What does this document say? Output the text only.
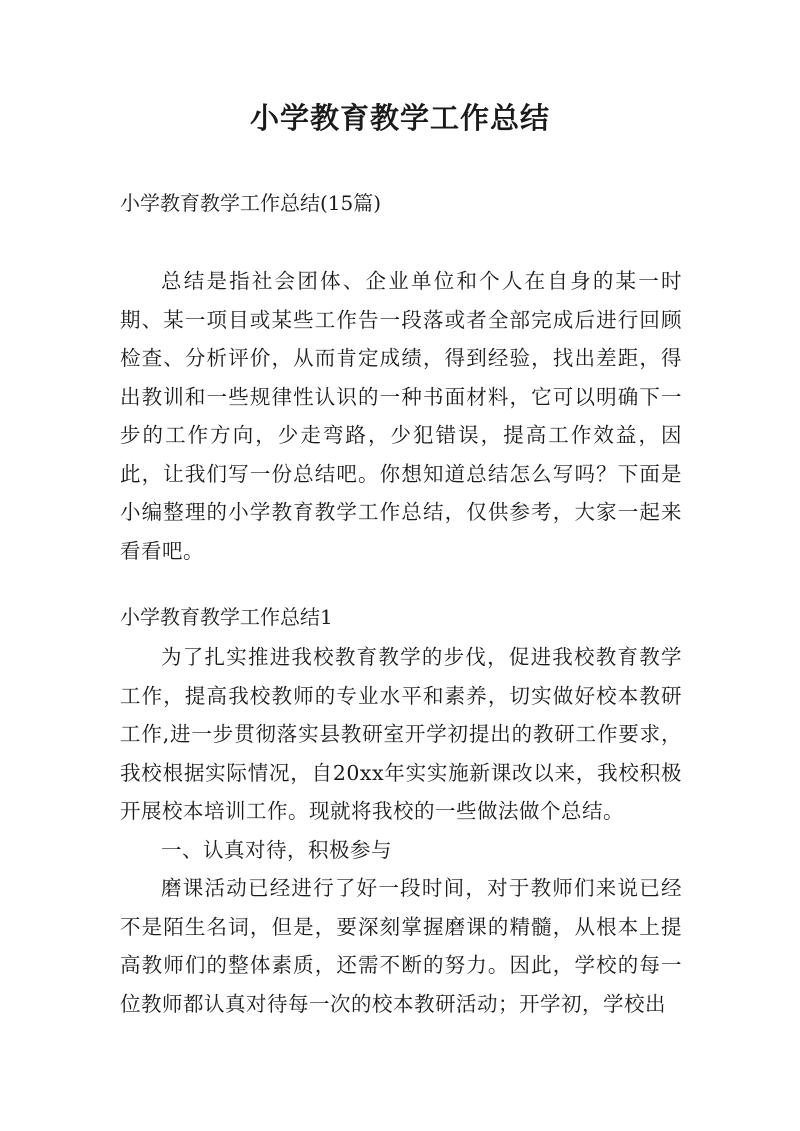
小学教育教学工作总结
小学教育教学工作总结(15篇)

总结是指社会团体、企业单位和个人在自身的某一时期、某一项目或某些工作告一段落或者全部完成后进行回顾检查、分析评价，从而肯定成绩，得到经验，找出差距，得出教训和一些规律性认识的一种书面材料，它可以明确下一步的工作方向，少走弯路，少犯错误，提高工作效益，因此，让我们写一份总结吧。你想知道总结怎么写吗？下面是小编整理的小学教育教学工作总结，仅供参考，大家一起来看看吧。

小学教育教学工作总结1

为了扎实推进我校教育教学的步伐，促进我校教育教学工作，提高我校教师的专业水平和素养，切实做好校本教研工作,进一步贯彻落实县教研室开学初提出的教研工作要求，我校根据实际情况，自20xx年实实施新课改以来，我校积极开展校本培训工作。现就将我校的一些做法做个总结。

一、认真对待，积极参与

磨课活动已经进行了好一段时间，对于教师们来说已经不是陌生名词，但是，要深刻掌握磨课的精髓，从根本上提高教师们的整体素质，还需不断的努力。因此，学校的每一位教师都认真对待每一次的校本教研活动；开学初，学校出
